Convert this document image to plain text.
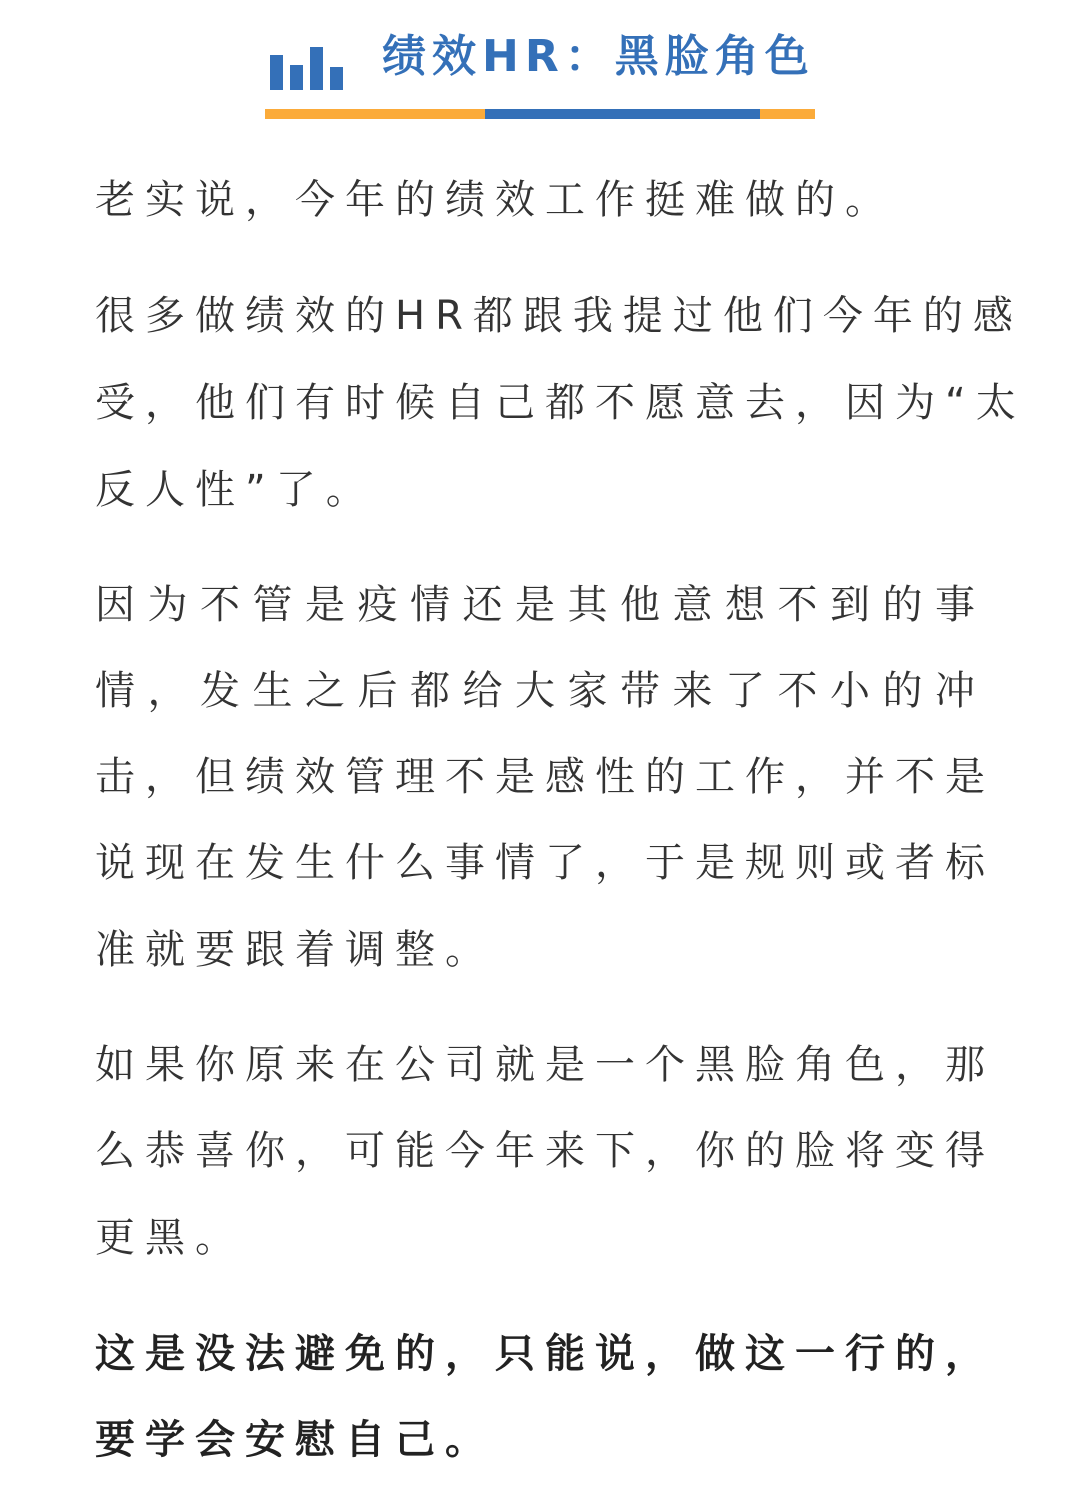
绩效HR：黑脸角色
老实说，今年的绩效工作挺难做的。
很多做绩效的HR都跟我提过他们今年的感
受，他们有时候自己都不愿意去，因为“太
反人性”了。
因为不管是疫情还是其他意想不到的事
情，发生之后都给大家带来了不小的冲
击，但绩效管理不是感性的工作，并不是
说现在发生什么事情了，于是规则或者标
准就要跟着调整。
如果你原来在公司就是一个黑脸角色，那
么恭喜你，可能今年来下，你的脸将变得
更黑。
这是没法避免的，只能说，做这一行的，
要学会安慰自己。
